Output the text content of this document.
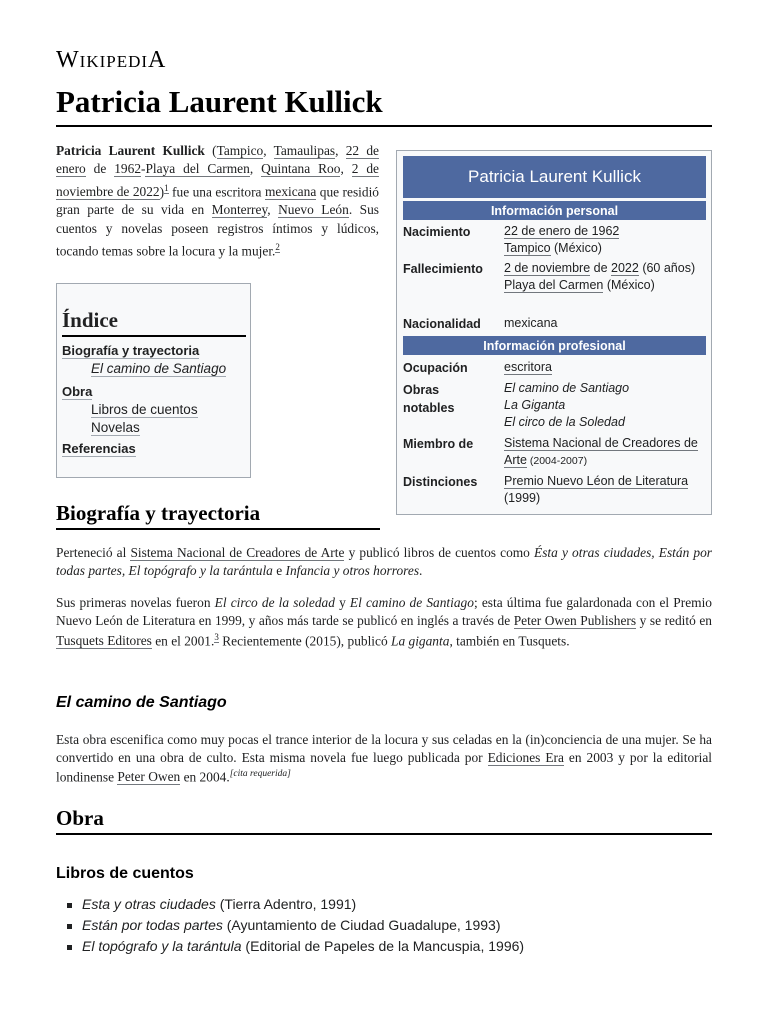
WIKIPEDIA
Patricia Laurent Kullick
Patricia Laurent Kullick (Tampico, Tamaulipas, 22 de enero de 1962-Playa del Carmen, Quintana Roo, 2 de noviembre de 2022)$^1$ fue una escritora mexicana que residió gran parte de su vida en Monterrey, Nuevo León. Sus cuentos y novelas poseen registros íntimos y lúdicos, tocando temas sobre la locura y la mujer.$^2$
Índice
Biografía y trayectoria
El camino de Santiago
Obra
Libros de cuentos
Novelas
Referencias
Patricia Laurent Kullick
Información personal
Nacimiento	22 de enero de 1962
Tampico (México)
Fallecimiento 2 de noviembre de 2022 (60 años)
Playa del Carmen (México)
Nacionalidad mexicana
Información profesional
Ocupación	escritora
Obras notables
El camino de Santiago
La Giganta
El circo de la Soledad
Miembro de Sistema Nacional de Creadores de Arte (2004-2007)
Distinciones Premio Nuevo Léon de Literatura (1999)
Biografía y trayectoria
Perteneció al Sistema Nacional de Creadores de Arte y publicó libros de cuentos como Ésta y otras ciudades, Están por todas partes, El topógrafo y la tarántula e Infancia y otros horrores.
Sus primeras novelas fueron El circo de la soledad y El camino de Santiago; esta última fue galardonada con el Premio Nuevo León de Literatura en 1999, y años más tarde se publicó en inglés a través de Peter Owen Publishers y se reditó en Tusquets Editores en el 2001.$^3$ Recientemente (2015), publicó La giganta, también en Tusquets.
El camino de Santiago
Esta obra escenifica como muy pocas el trance interior de la locura y sus celadas en la (in)conciencia de una mujer. Se ha convertido en una obra de culto. Esta misma novela fue luego publicada por Ediciones Era en 2003 y por la editorial londinense Peter Owen en 2004.[cita requerida]
Obra
Libros de cuentos
Esta y otras ciudades (Tierra Adentro, 1991)
Están por todas partes (Ayuntamiento de Ciudad Guadalupe, 1993)
El topógrafo y la tarántula (Editorial de Papeles de la Mancuspia, 1996)
